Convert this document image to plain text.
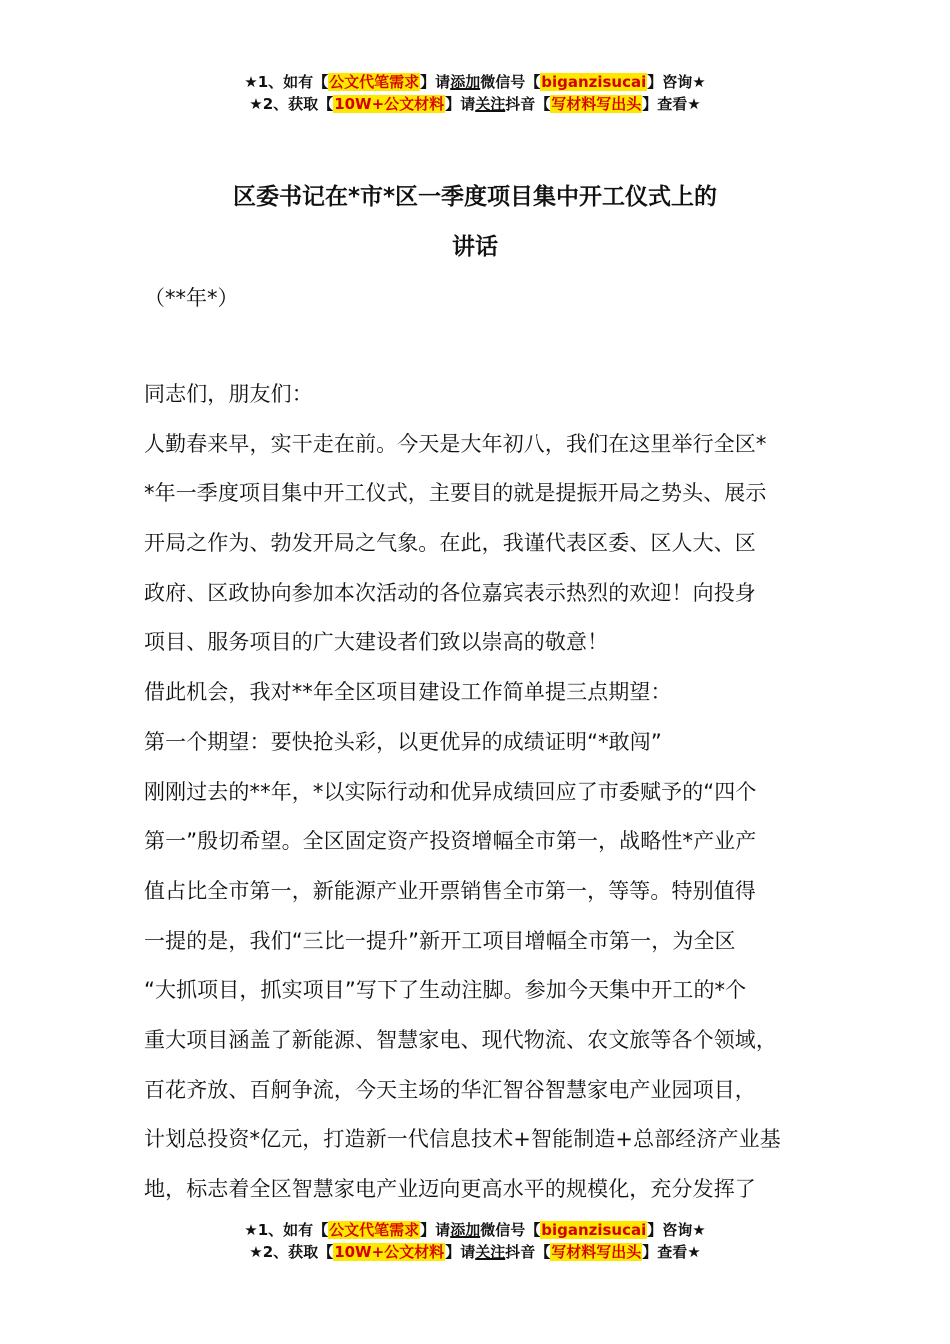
★1、如有【公文代笔需求】请添加微信号【biganzisucai】咨询★
★2、获取【10W+公文材料】请关注抖音【写材料写出头】查看★
区委书记在*市*区一季度项目集中开工仪式上的
讲话
（**年*）
同志们，朋友们：
人勤春来早，实干走在前。今天是大年初八，我们在这里举行全区*
*年一季度项目集中开工仪式，主要目的就是提振开局之势头、展示
开局之作为、勃发开局之气象。在此，我谨代表区委、区人大、区
政府、区政协向参加本次活动的各位嘉宾表示热烈的欢迎！向投身
项目、服务项目的广大建设者们致以崇高的敬意！
借此机会，我对**年全区项目建设工作简单提三点期望：
第一个期望：要快抢头彩，以更优异的成绩证明“*敢闯”
刚刚过去的**年，*以实际行动和优异成绩回应了市委赋予的“四个
第一”殷切希望。全区固定资产投资增幅全市第一，战略性*产业产
值占比全市第一，新能源产业开票销售全市第一，等等。特别值得
一提的是，我们“三比一提升”新开工项目增幅全市第一，为全区
“大抓项目，抓实项目”写下了生动注脚。参加今天集中开工的*个
重大项目涵盖了新能源、智慧家电、现代物流、农文旅等各个领域，
百花齐放、百舸争流，今天主场的华汇智谷智慧家电产业园项目，
计划总投资*亿元，打造新一代信息技术+智能制造+总部经济产业基
地，标志着全区智慧家电产业迈向更高水平的规模化，充分发挥了
★1、如有【公文代笔需求】请添加微信号【biganzisucai】咨询★
★2、获取【10W+公文材料】请关注抖音【写材料写出头】查看★
